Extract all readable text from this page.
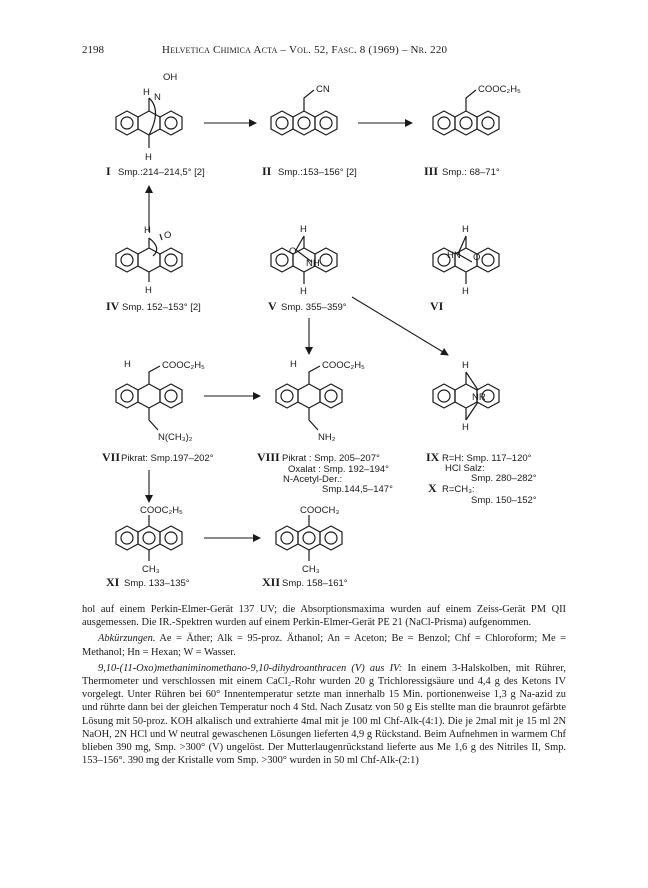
2198	Helvetica Chimica Acta – Vol. 52, Fasc. 8 (1969) – Nr. 220
OH
H N
H
I Smp.:214–214,5° [2]
CN
II Smp.:153–156° [2]
COOC₂H₅
III Smp.: 68–71°
H O
H
IV Smp. 152–153° [2]
H
O
NH
H
V Smp. 355–359°
H
HN O
H
VI
H	COOC₂H₅
N(CH₃)₂
VII Pikrat: Smp.197–202°
H	COOC₂H₅
NH₂
VIII Pikrat : Smp. 205–207°
Oxalat : Smp. 192–194°
N-Acetyl-Der.:
Smp.144,5–147°
H
NR
H
IX R=H: Smp. 117–120°
HCl Salz:
Smp. 280–282°
X R=CH₃:
Smp. 150–152°
COOC₂H₅
CH₃
XI Smp. 133–135°
COOCH₃
CH₃
XII Smp. 158–161°

hol auf einem Perkin-Elmer-Gerät 137 UV; die Absorptionsmaxima wurden auf einem Zeiss-Gerät PM QII ausgemessen. Die IR.-Spektren wurden auf einem Perkin-Elmer-Gerät PE 21 (NaCl-Prisma) aufgenommen.

Abkürzungen. Ae = Äther; Alk = 95-proz. Äthanol; An = Aceton; Be = Benzol; Chf = Chloroform; Me = Methanol; Hn = Hexan; W = Wasser.

9,10-(11-Oxo)methaniminomethano-9,10-dihydroanthracen (V) aus IV: In einem 3-Halskolben, mit Rührer, Thermometer und verschlossen mit einem CaCl₂-Rohr wurden 20 g Trichloressigsäure und 4,4 g des Ketons IV vorgelegt. Unter Rühren bei 60° Innentemperatur setzte man innerhalb 15 Min. portionenweise 1,3 g Na-azid zu und rührte dann bei der gleichen Temperatur noch 4 Std. Nach Zusatz von 50 g Eis stellte man die braunrot gefärbte Lösung mit 50-proz. KOH alkalisch und extrahierte 4mal mit je 100 ml Chf-Alk-(4:1). Die je 2mal mit je 15 ml 2N NaOH, 2N HCl und W neutral gewaschenen Lösungen lieferten 4,9 g Rückstand. Beim Aufnehmen in warmem Chf blieben 390 mg, Smp. >300° (V) ungelöst. Der Mutterlaugenrückstand lieferte aus Me 1,6 g des Nitriles II, Smp. 153–156°. 390 mg der Kristalle vom Smp. >300° wurden in 50 ml Chf-Alk-(2:1)
